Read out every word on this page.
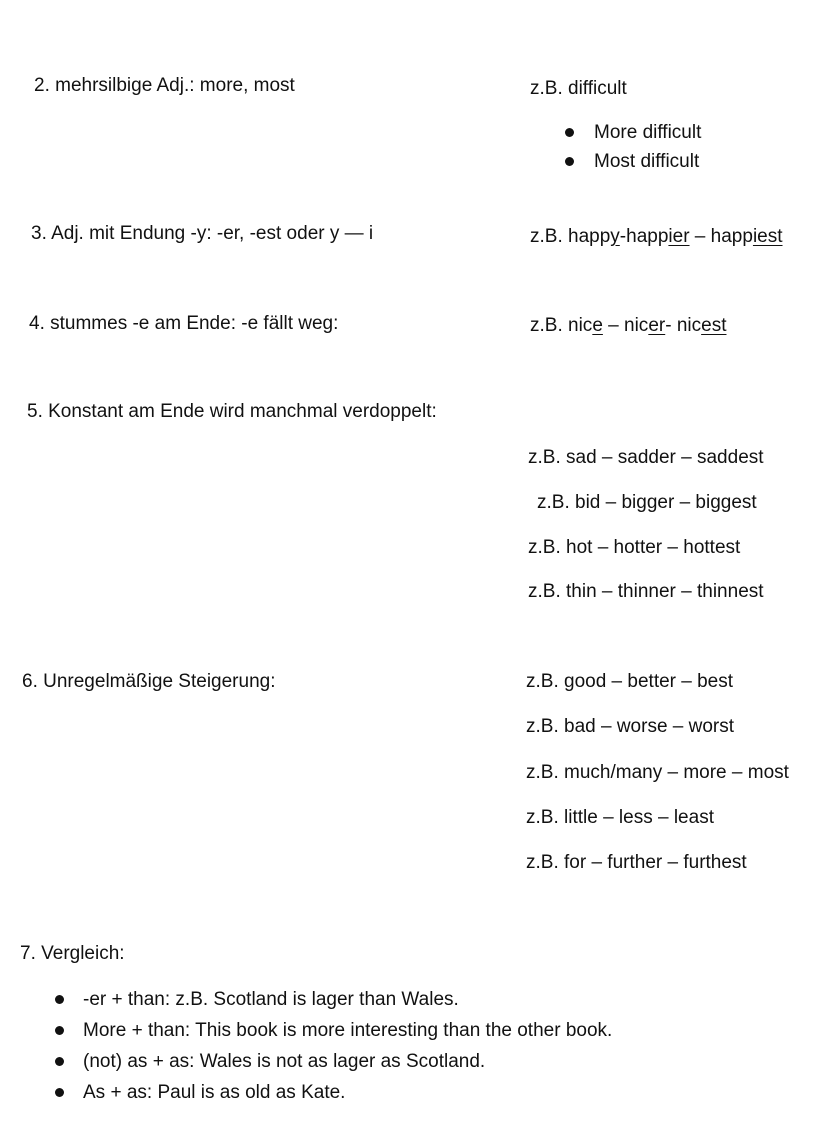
2. mehrsilbige Adj.: more, most	z.B. difficult
More difficult
Most difficult
3. Adj. mit Endung -y: -er, -est oder y — i	z.B. happy-happier – happiest
4. stummes -e am Ende: -e fällt weg:	z.B. nice – nicer- nicest
5. Konstant am Ende wird manchmal verdoppelt:
z.B. sad – sadder – saddest
z.B. bid – bigger – biggest
z.B. hot – hotter – hottest
z.B. thin – thinner – thinnest
6. Unregelmäßige Steigerung:	z.B. good – better – best
z.B. bad – worse – worst
z.B. much/many – more – most
z.B. little – less – least
z.B. for – further – furthest
7. Vergleich:
-er + than: z.B. Scotland is lager than Wales.
More + than: This book is more interesting than the other book.
(not) as + as: Wales is not as lager as Scotland.
As + as: Paul is as old as Kate.
